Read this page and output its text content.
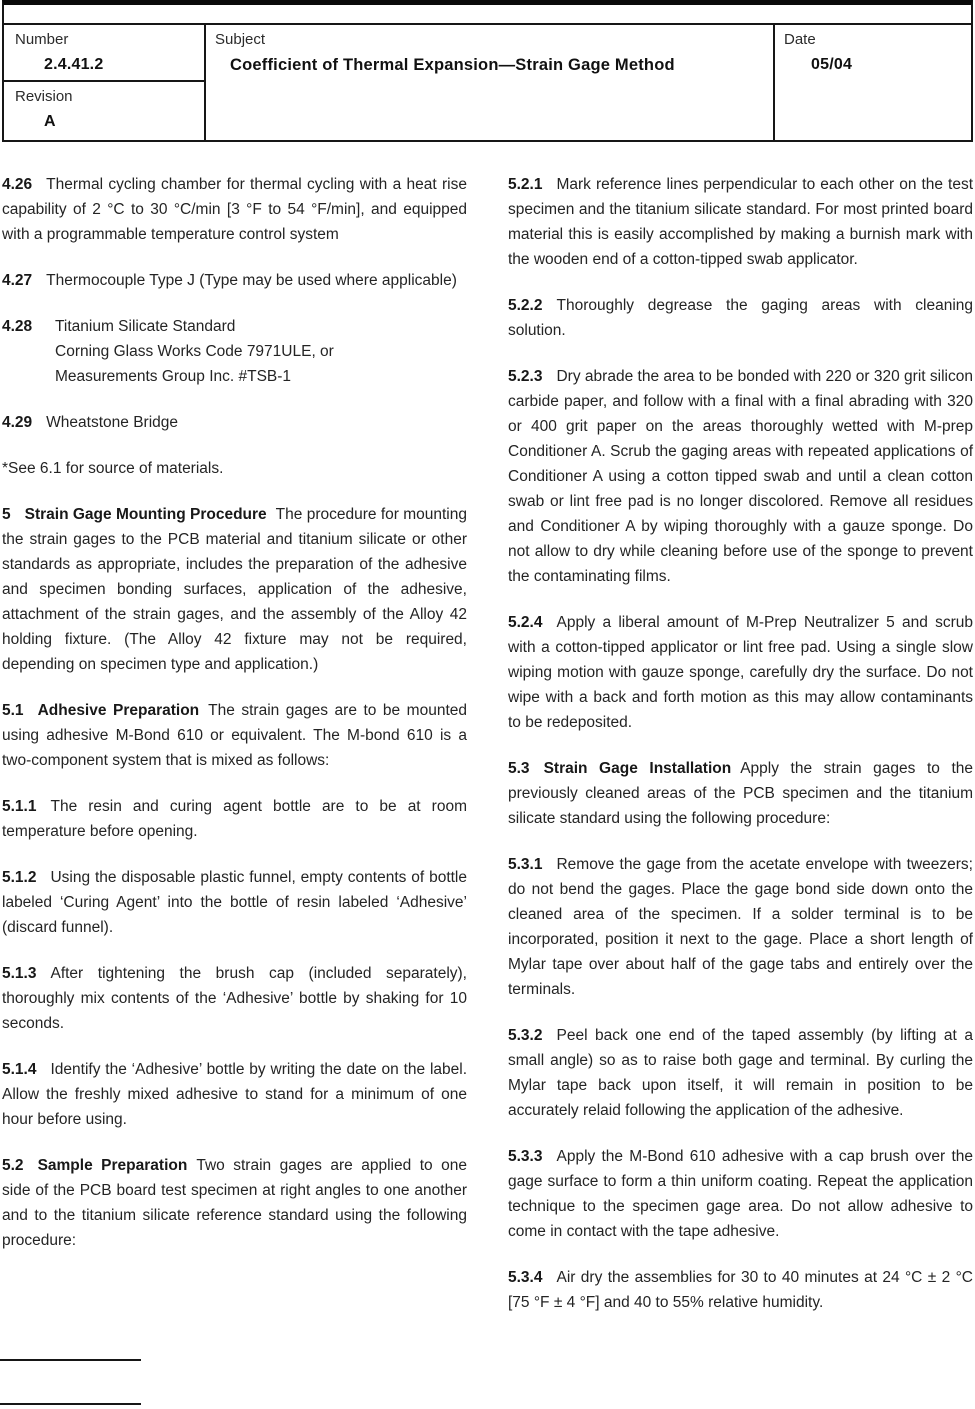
Number
2.4.41.2
Revision
A
Subject
Coefficient of Thermal Expansion—Strain Gage Method
Date
05/04

4.26 Thermal cycling chamber for thermal cycling with a heat rise capability of 2 °C to 30 °C/min [3 °F to 54 °F/min], and equipped with a programmable temperature control system

4.27 Thermocouple Type J (Type may be used where applicable)

4.28 Titanium Silicate Standard
Corning Glass Works Code 7971ULE, or
Measurements Group Inc. #TSB-1

4.29 Wheatstone Bridge

*See 6.1 for source of materials.

5 Strain Gage Mounting Procedure The procedure for mounting the strain gages to the PCB material and titanium silicate or other standards as appropriate, includes the preparation of the adhesive and specimen bonding surfaces, application of the adhesive, attachment of the strain gages, and the assembly of the Alloy 42 holding fixture. (The Alloy 42 fixture may not be required, depending on specimen type and application.)

5.1 Adhesive Preparation The strain gages are to be mounted using adhesive M-Bond 610 or equivalent. The M-bond 610 is a two-component system that is mixed as follows:

5.1.1 The resin and curing agent bottle are to be at room temperature before opening.

5.1.2 Using the disposable plastic funnel, empty contents of bottle labeled ‘Curing Agent’ into the bottle of resin labeled ‘Adhesive’ (discard funnel).

5.1.3 After tightening the brush cap (included separately), thoroughly mix contents of the ‘Adhesive’ bottle by shaking for 10 seconds.

5.1.4 Identify the ‘Adhesive’ bottle by writing the date on the label. Allow the freshly mixed adhesive to stand for a minimum of one hour before using.

5.2 Sample Preparation Two strain gages are applied to one side of the PCB board test specimen at right angles to one another and to the titanium silicate reference standard using the following procedure:

5.2.1 Mark reference lines perpendicular to each other on the test specimen and the titanium silicate standard. For most printed board material this is easily accomplished by making a burnish mark with the wooden end of a cotton-tipped swab applicator.

5.2.2 Thoroughly degrease the gaging areas with cleaning solution.

5.2.3 Dry abrade the area to be bonded with 220 or 320 grit silicon carbide paper, and follow with a final with a final abrading with 320 or 400 grit paper on the areas thoroughly wetted with M-prep Conditioner A. Scrub the gaging areas with repeated applications of Conditioner A using a cotton tipped swab and until a clean cotton swab or lint free pad is no longer discolored. Remove all residues and Conditioner A by wiping thoroughly with a gauze sponge. Do not allow to dry while cleaning before use of the sponge to prevent the contaminating films.

5.2.4 Apply a liberal amount of M-Prep Neutralizer 5 and scrub with a cotton-tipped applicator or lint free pad. Using a single slow wiping motion with gauze sponge, carefully dry the surface. Do not wipe with a back and forth motion as this may allow contaminants to be redeposited.

5.3 Strain Gage Installation Apply the strain gages to the previously cleaned areas of the PCB specimen and the titanium silicate standard using the following procedure:

5.3.1 Remove the gage from the acetate envelope with tweezers; do not bend the gages. Place the gage bond side down onto the cleaned area of the specimen. If a solder terminal is to be incorporated, position it next to the gage. Place a short length of Mylar tape over about half of the gage tabs and entirely over the terminals.

5.3.2 Peel back one end of the taped assembly (by lifting at a small angle) so as to raise both gage and terminal. By curling the Mylar tape back upon itself, it will remain in position to be accurately relaid following the application of the adhesive.

5.3.3 Apply the M-Bond 610 adhesive with a cap brush over the gage surface to form a thin uniform coating. Repeat the application technique to the specimen gage area. Do not allow adhesive to come in contact with the tape adhesive.

5.3.4 Air dry the assemblies for 30 to 40 minutes at 24 °C ± 2 °C [75 °F ± 4 °F] and 40 to 55% relative humidity.
